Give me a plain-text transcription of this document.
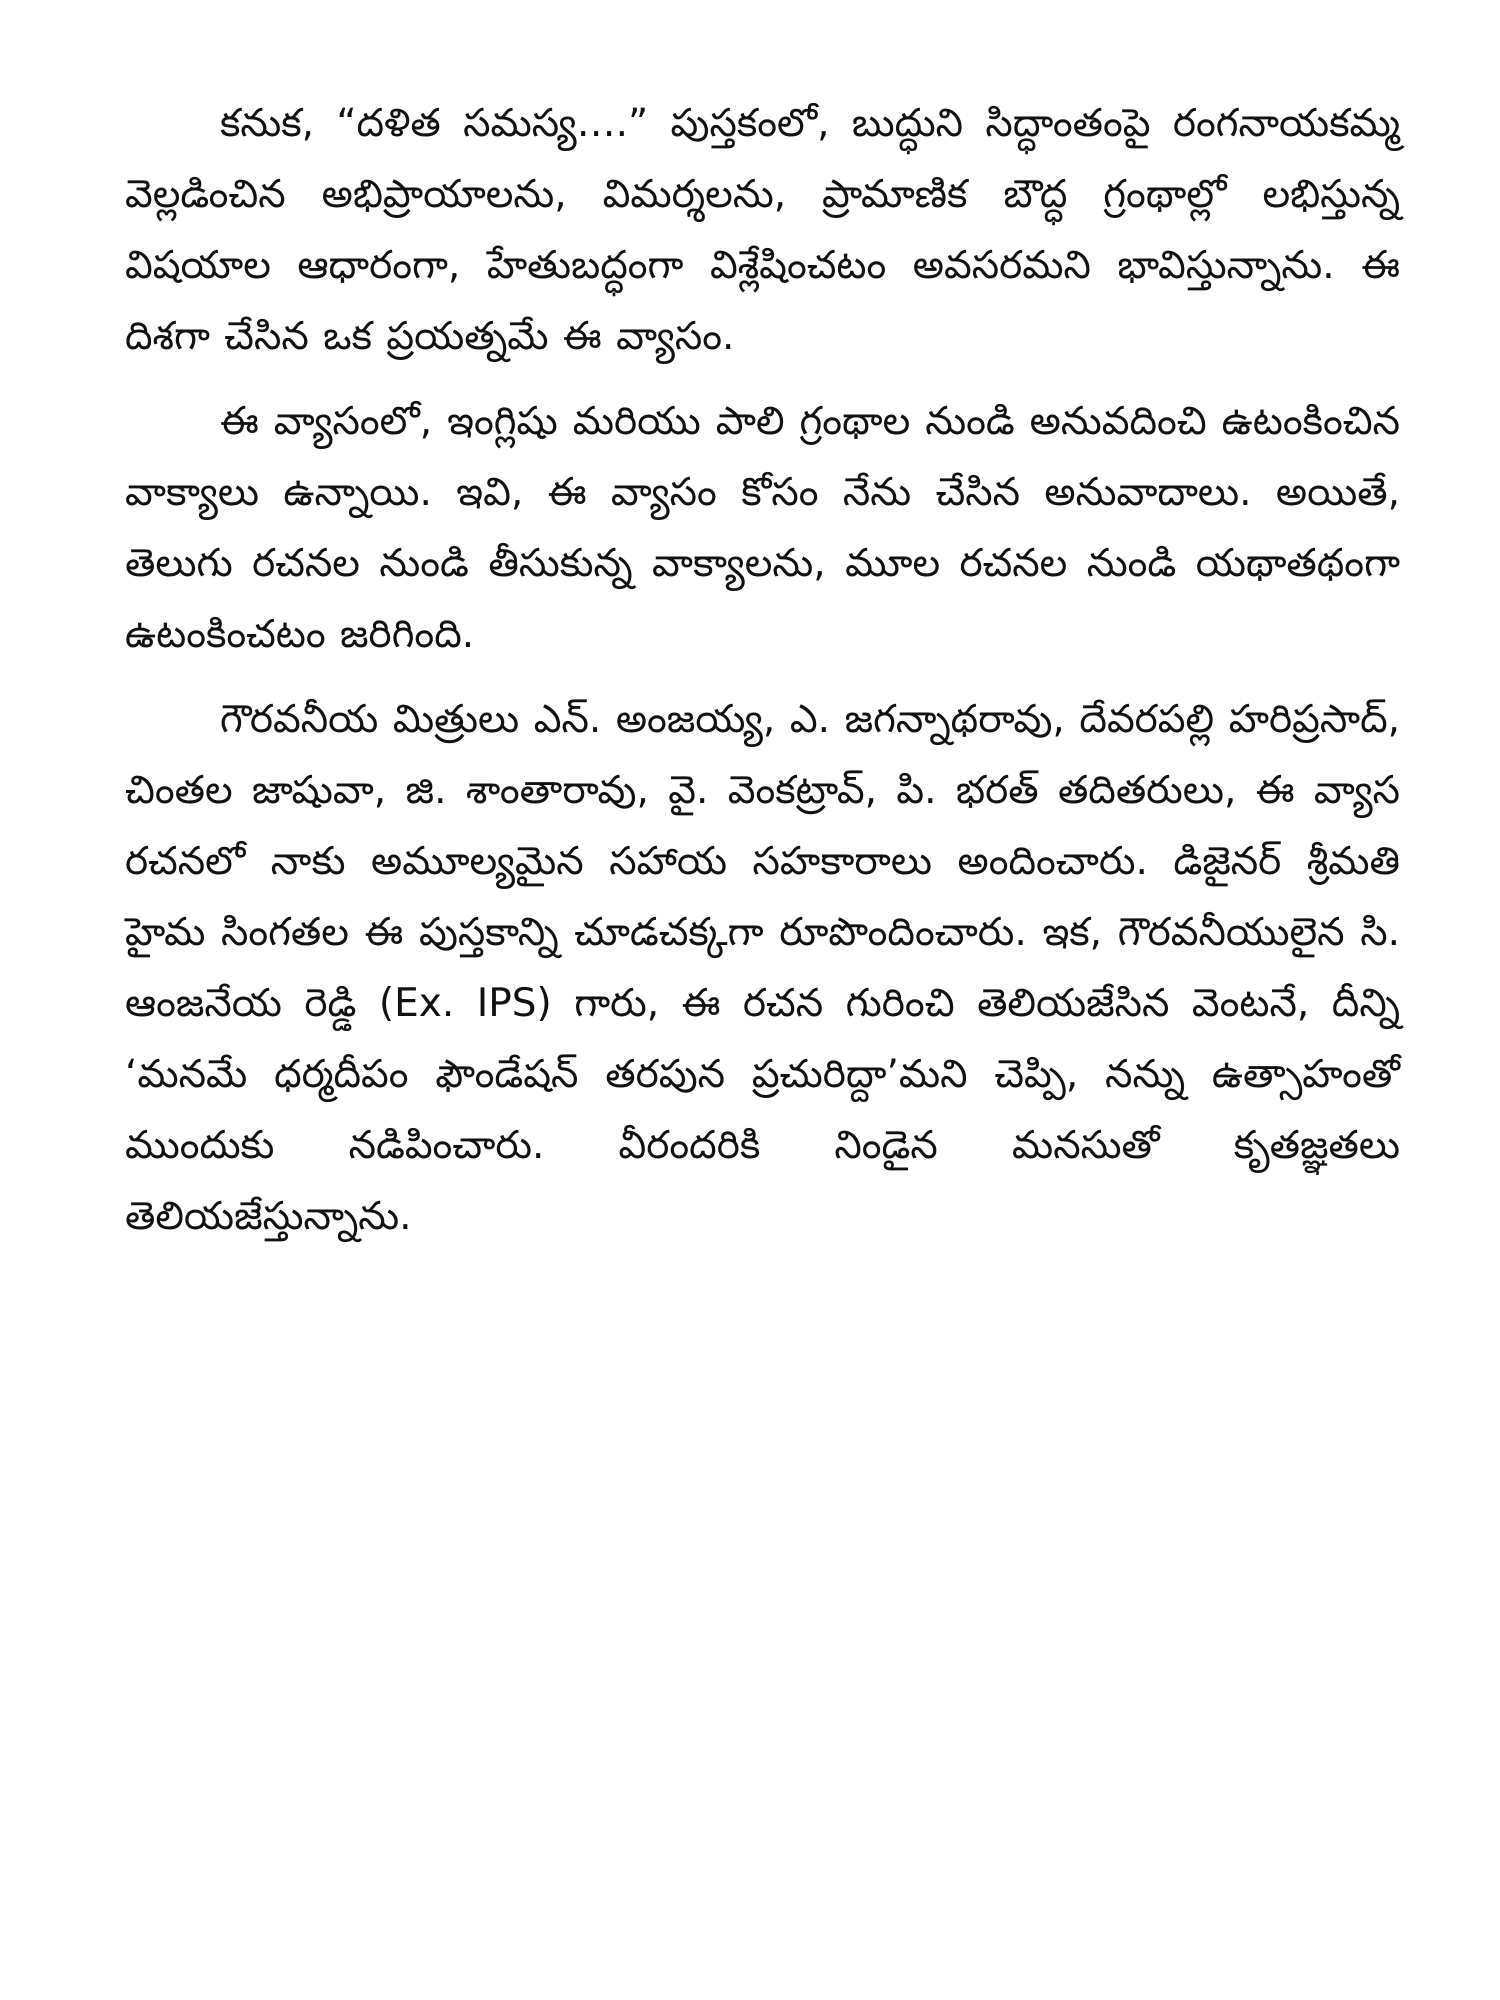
కనుక, “దళిత సమస్య….” పుస్తకంలో, బుద్ధుని సిద్ధాంతంపై రంగనాయకమ్మ వెల్లడించిన అభిప్రాయాలను, విమర్శలను, ప్రామాణిక బౌద్ధ గ్రంథాల్లో లభిస్తున్న విషయాల ఆధారంగా, హేతుబద్ధంగా విశ్లేషించటం అవసరమని భావిస్తున్నాను. ఈ దిశగా చేసిన ఒక ప్రయత్నమే ఈ వ్యాసం.

ఈ వ్యాసంలో, ఇంగ్లిషు మరియు పాలి గ్రంథాల నుండి అనువదించి ఉటంకించిన వాక్యాలు ఉన్నాయి. ఇవి, ఈ వ్యాసం కోసం నేను చేసిన అనువాదాలు. అయితే, తెలుగు రచనల నుండి తీసుకున్న వాక్యాలను, మూల రచనల నుండి యథాతథంగా ఉటంకించటం జరిగింది.

గౌరవనీయ మిత్రులు ఎన్. అంజయ్య, ఎ. జగన్నాథరావు, దేవరపల్లి హరిప్రసాద్, చింతల జాషువా, జి. శాంతారావు, వై. వెంకట్రావ్, పి. భరత్ తదితరులు, ఈ వ్యాస రచనలో నాకు అమూల్యమైన సహాయ సహకారాలు అందించారు. డిజైనర్ శ్రీమతి హైమ సింగతల ఈ పుస్తకాన్ని చూడచక్కగా రూపొందించారు. ఇక, గౌరవనీయులైన సి. ఆంజనేయ రెడ్డి (Ex. IPS) గారు, ఈ రచన గురించి తెలియజేసిన వెంటనే, దీన్ని ‘మనమే ధర్మదీపం ఫౌండేషన్ తరపున ప్రచురిద్దా’మని చెప్పి, నన్ను ఉత్సాహంతో ముందుకు నడిపించారు. వీరందరికి నిండైన మనసుతో కృతజ్ఞతలు తెలియజేస్తున్నాను.
